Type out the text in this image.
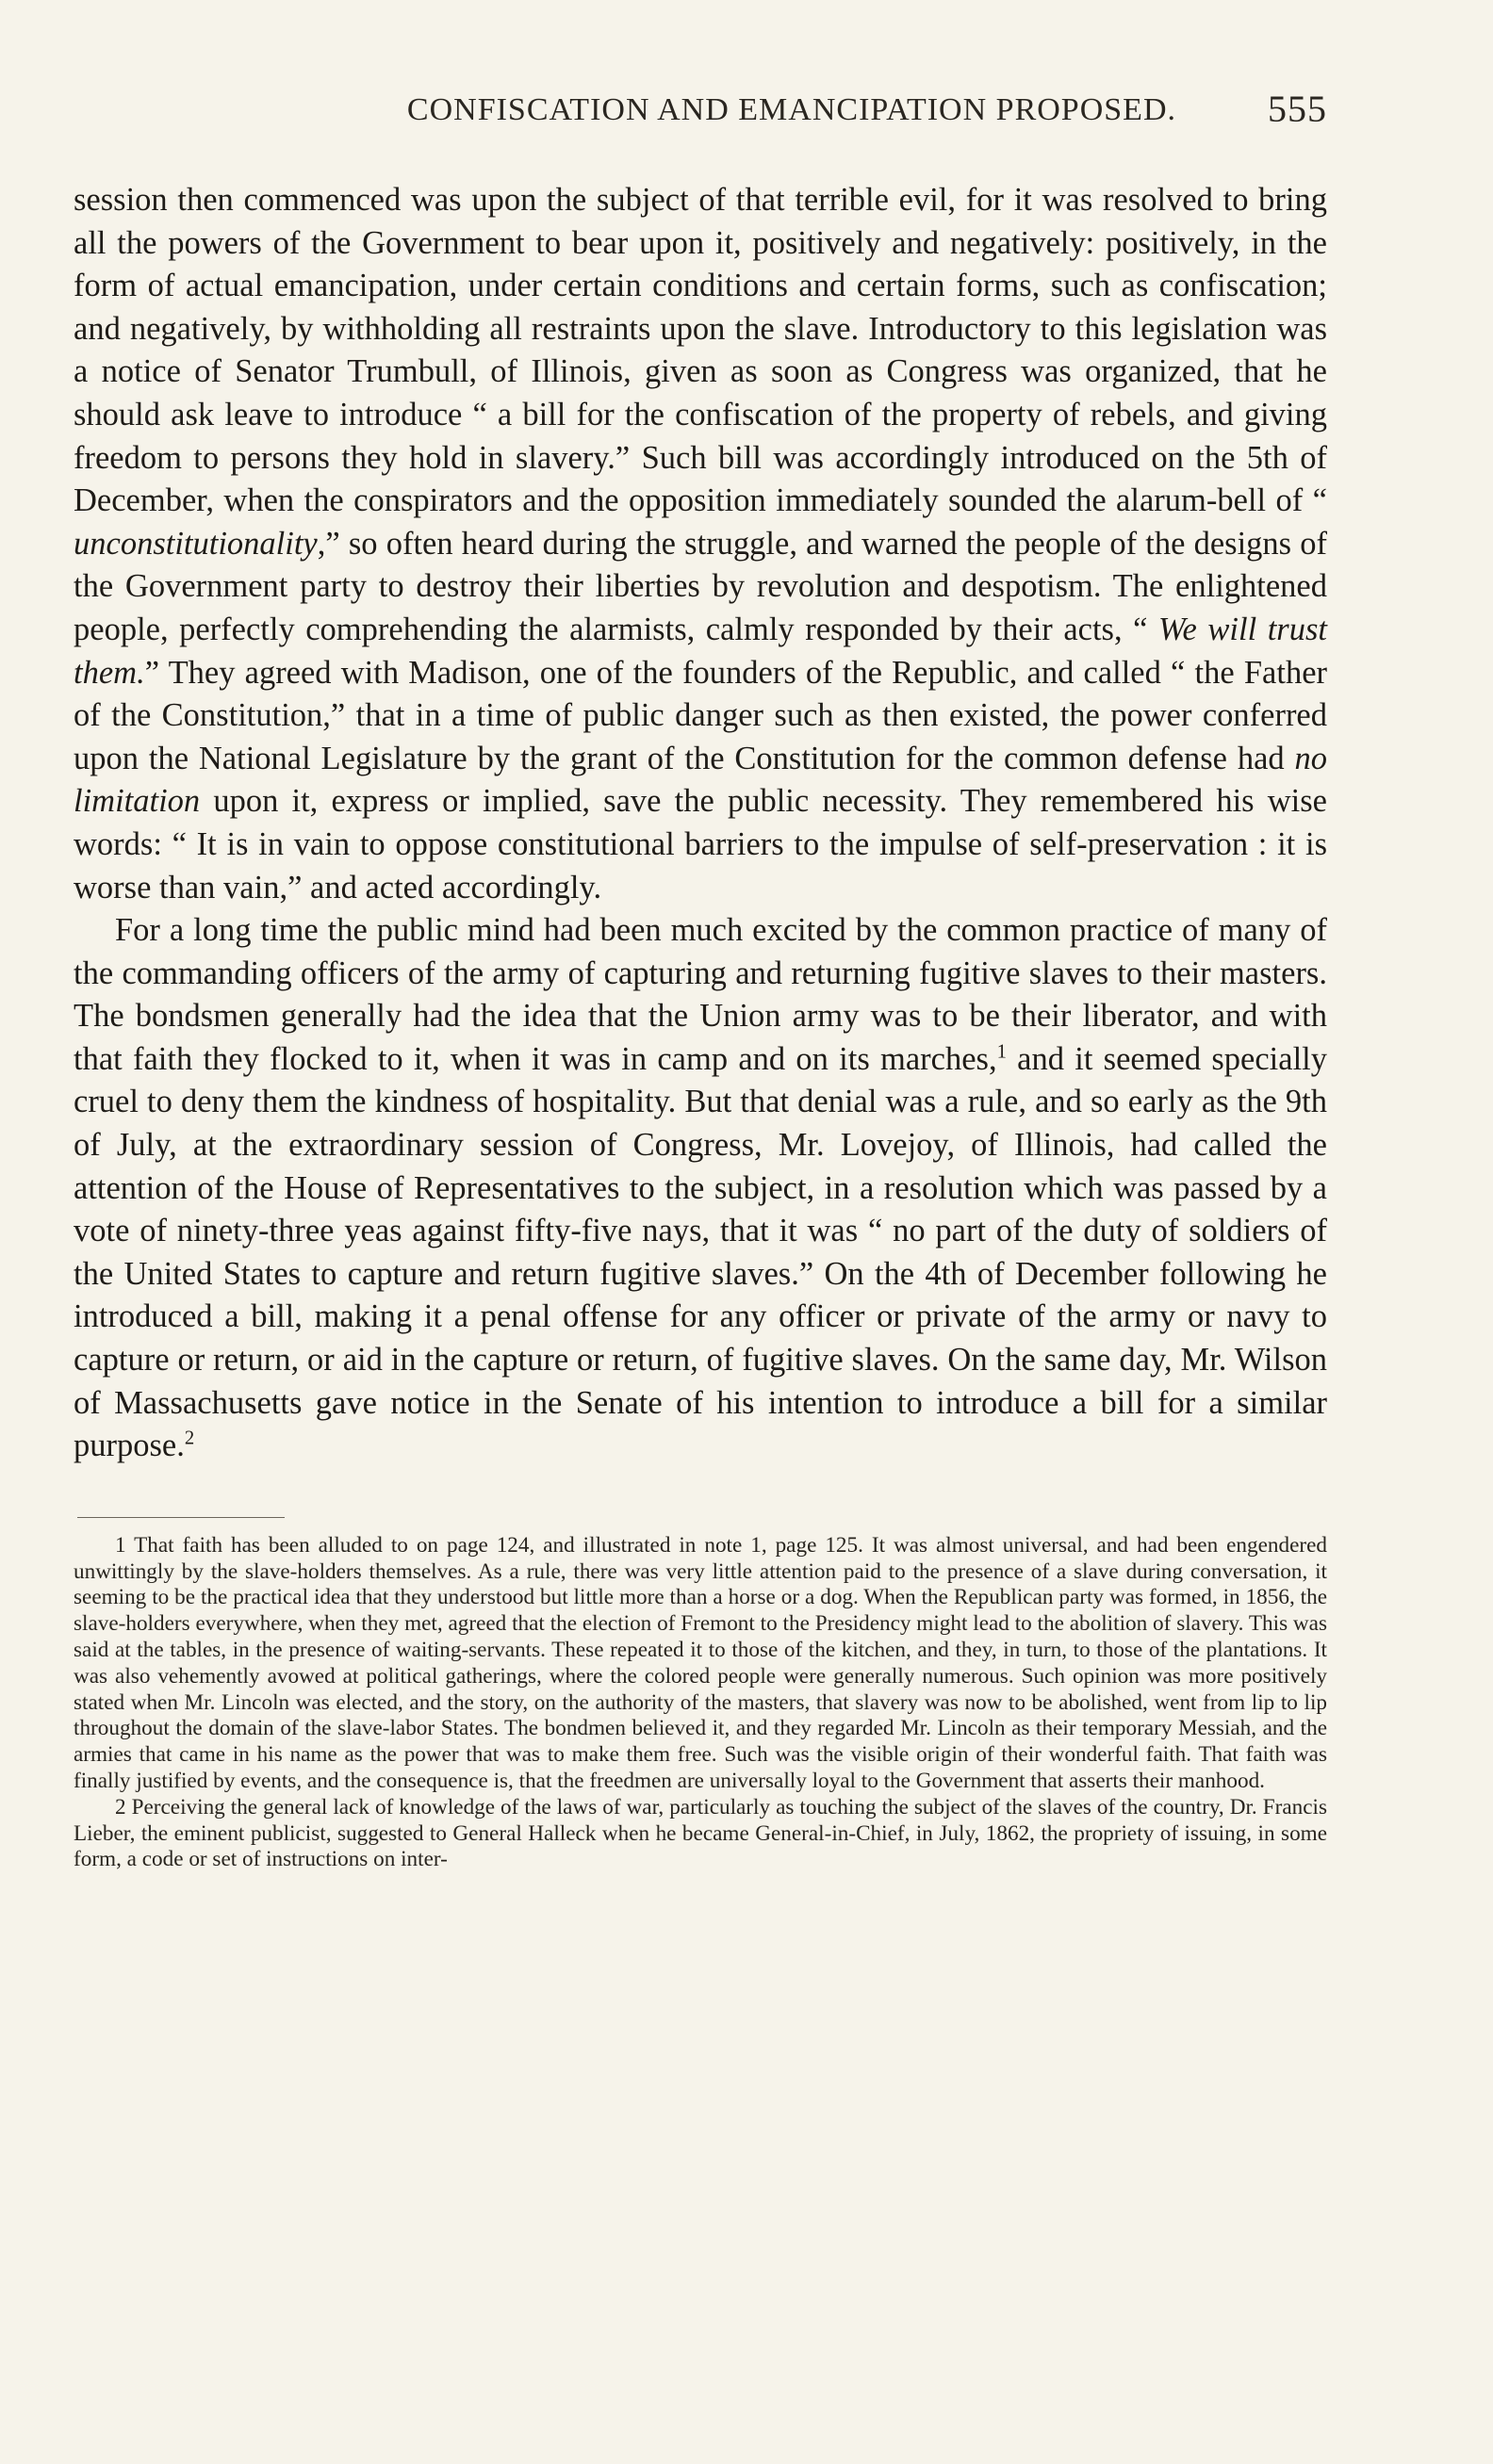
CONFISCATION AND EMANCIPATION PROPOSED. 555

session then commenced was upon the subject of that terrible evil, for it was resolved to bring all the powers of the Government to bear upon it, positively and negatively: positively, in the form of actual emancipation, under certain conditions and certain forms, such as confiscation; and negatively, by withholding all restraints upon the slave. Introductory to this legislation was a notice of Senator Trumbull, of Illinois, given as soon as Congress was organized, that he should ask leave to introduce “ a bill for the confiscation of the property of rebels, and giving freedom to persons they hold in slavery.” Such bill was accordingly introduced on the 5th of December, when the conspirators and the opposition immediately sounded the alarum-bell of “ unconstitutionality,” so often heard during the struggle, and warned the people of the designs of the Government party to destroy their liberties by revolution and despotism. The enlightened people, perfectly comprehending the alarmists, calmly responded by their acts, “ We will trust them.” They agreed with Madison, one of the founders of the Republic, and called “ the Father of the Constitution,” that in a time of public danger such as then existed, the power conferred upon the National Legislature by the grant of the Constitution for the common defense had no limitation upon it, express or implied, save the public necessity. They remembered his wise words: “ It is in vain to oppose constitutional barriers to the impulse of self-preservation : it is worse than vain,” and acted accordingly.

For a long time the public mind had been much excited by the common practice of many of the commanding officers of the army of capturing and returning fugitive slaves to their masters. The bondsmen generally had the idea that the Union army was to be their liberator, and with that faith they flocked to it, when it was in camp and on its marches,$^1$ and it seemed specially cruel to deny them the kindness of hospitality. But that denial was a rule, and so early as the 9th of July, at the extraordinary session of Congress, Mr. Lovejoy, of Illinois, had called the attention of the House of Representatives to the subject, in a resolution which was passed by a vote of ninety-three yeas against fifty-five nays, that it was “ no part of the duty of soldiers of the United States to capture and return fugitive slaves.” On the 4th of December following he introduced a bill, making it a penal offense for any officer or private of the army or navy to capture or return, or aid in the capture or return, of fugitive slaves. On the same day, Mr. Wilson of Massachusetts gave notice in the Senate of his intention to introduce a bill for a similar purpose.$^2$

1 That faith has been alluded to on page 124, and illustrated in note 1, page 125. It was almost universal, and had been engendered unwittingly by the slave-holders themselves. As a rule, there was very little attention paid to the presence of a slave during conversation, it seeming to be the practical idea that they understood but little more than a horse or a dog. When the Republican party was formed, in 1856, the slave-holders everywhere, when they met, agreed that the election of Fremont to the Presidency might lead to the abolition of slavery. This was said at the tables, in the presence of waiting-servants. These repeated it to those of the kitchen, and they, in turn, to those of the plantations. It was also vehemently avowed at political gatherings, where the colored people were generally numerous. Such opinion was more positively stated when Mr. Lincoln was elected, and the story, on the authority of the masters, that slavery was now to be abolished, went from lip to lip throughout the domain of the slave-labor States. The bondmen believed it, and they regarded Mr. Lincoln as their temporary Messiah, and the armies that came in his name as the power that was to make them free. Such was the visible origin of their wonderful faith. That faith was finally justified by events, and the consequence is, that the freedmen are universally loyal to the Government that asserts their manhood.

2 Perceiving the general lack of knowledge of the laws of war, particularly as touching the subject of the slaves of the country, Dr. Francis Lieber, the eminent publicist, suggested to General Halleck when he became General-in-Chief, in July, 1862, the propriety of issuing, in some form, a code or set of instructions on inter-
